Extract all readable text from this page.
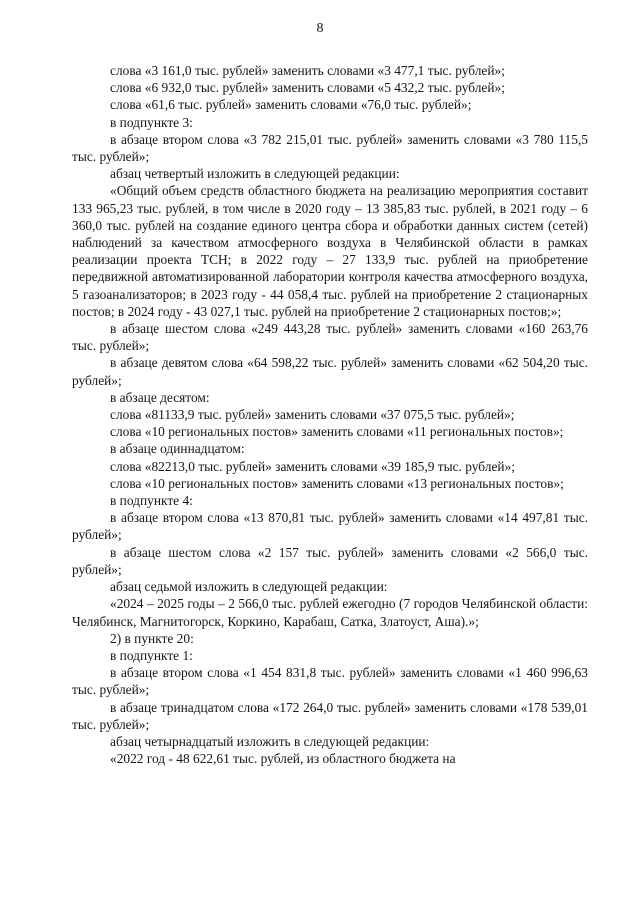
8

слова «3 161,0 тыс. рублей» заменить словами «3 477,1 тыс. рублей»;

слова «6 932,0 тыс. рублей» заменить словами «5 432,2 тыс. рублей»;

слова «61,6 тыс. рублей» заменить словами «76,0 тыс. рублей»;

в подпункте 3:

в абзаце втором слова «3 782 215,01 тыс. рублей» заменить словами «3 780 115,5 тыс. рублей»;

абзац четвертый изложить в следующей редакции:

«Общий объем средств областного бюджета на реализацию мероприятия составит 133 965,23 тыс. рублей, в том числе в 2020 году – 13 385,83 тыс. рублей, в 2021 году – 6 360,0 тыс. рублей на создание единого центра сбора и обработки данных систем (сетей) наблюдений за качеством атмосферного воздуха в Челябинской области в рамках реализации проекта ТСН; в 2022 году – 27 133,9 тыс. рублей на приобретение передвижной автоматизированной лаборатории контроля качества атмосферного воздуха, 5 газоанализаторов; в 2023 году - 44 058,4 тыс. рублей на приобретение 2 стационарных постов; в 2024 году - 43 027,1 тыс. рублей на приобретение 2 стационарных постов;»;

в абзаце шестом слова «249 443,28 тыс. рублей» заменить словами «160 263,76 тыс. рублей»;

в абзаце девятом слова «64 598,22 тыс. рублей» заменить словами «62 504,20 тыс. рублей»;

в абзаце десятом:

слова «81133,9 тыс. рублей» заменить словами «37 075,5 тыс. рублей»;

слова «10 региональных постов» заменить словами «11 региональных постов»;

в абзаце одиннадцатом:

слова «82213,0 тыс. рублей» заменить словами «39 185,9 тыс. рублей»;

слова «10 региональных постов» заменить словами «13 региональных постов»;

в подпункте 4:

в абзаце втором слова «13 870,81 тыс. рублей» заменить словами «14 497,81 тыс. рублей»;

в абзаце шестом слова «2 157 тыс. рублей» заменить словами «2 566,0 тыс. рублей»;

абзац седьмой изложить в следующей редакции:

«2024 – 2025 годы – 2 566,0 тыс. рублей ежегодно (7 городов Челябинской области: Челябинск, Магнитогорск, Коркино, Карабаш, Сатка, Златоуст, Аша).»;

2) в пункте 20:

в подпункте 1:

в абзаце втором слова «1 454 831,8 тыс. рублей» заменить словами «1 460 996,63 тыс. рублей»;

в абзаце тринадцатом слова «172 264,0 тыс. рублей» заменить словами «178 539,01 тыс. рублей»;

абзац четырнадцатый изложить в следующей редакции:

«2022 год - 48 622,61 тыс. рублей, из областного бюджета на
